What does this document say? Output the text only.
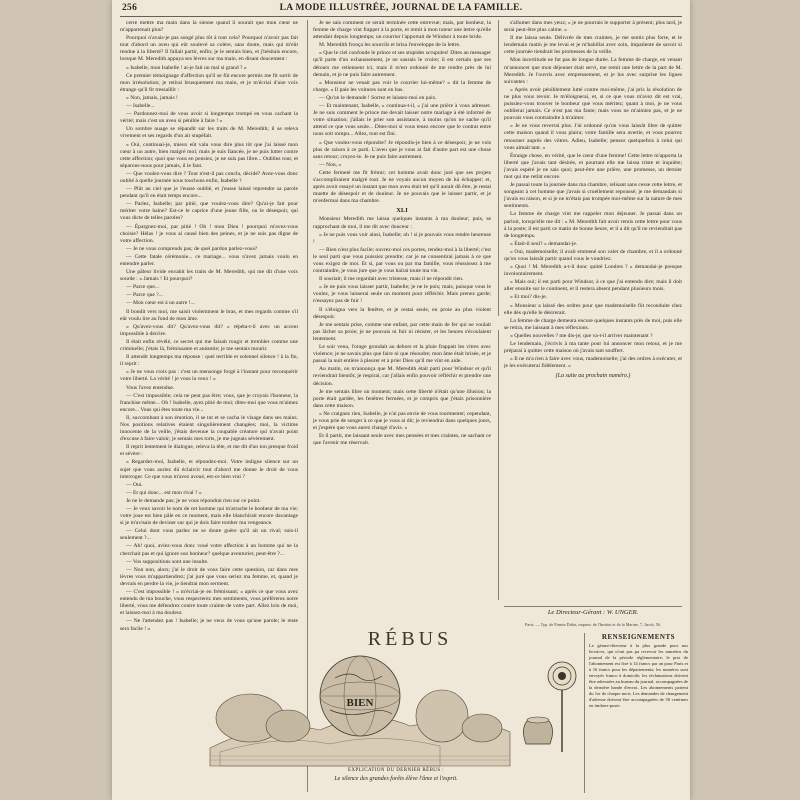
256	LA MODE ILLUSTRÉE, JOURNAL DE LA FAMILLE.

cerre mettre ma main dans la sienne quand il sourait que mon cœur ne m'appartenait plus?

Pourquoi n'avais-je pas songé plus tôt à tout cela? Pourquoi n'avoir pas fait tout d'abord un aveu qui eût soulevé sa colère, sans doute, mais qui m'eût rendue à la liberté? Il fallait partir, enfin; je le sentais bien, et j'hésitais encore, lorsque M. Meredith appuya ses lèvres sur ma main, en disant doucement :

« Isabelle, mon Isabelle ! ai-je fait un mal si grand ? »

Ce premier témoignage d'affection qu'il se fût encore permis me fit sortir de mon irrésolution; je retirai brusquement ma main, et je m'écriai d'une voix étrange qu'il fit tressaillir :

« Non, jamais, jamais !

— Isabelle...

— Pardonnez-moi de vous avoir si longtemps trompé en vous cachant la vérité; mais c'est un aveu si pénible à faire ! »

Un sombre nuage se répandit sur les traits de M. Meredith; il se releva vivement et ses regards d'un air stupéfait.

« Oui, continuai-je, mieux eût valu vous dire plus tôt que j'ai laissé mon cœur à un autre, bien malgré moi; mais je suis fiancée, je ne puis lutter contre cette affection; quoi que vous en pensiez, je ne suis pas libre... Oubliez tout, et séparons-nous pour jamais, il le faut.

— Que voulez-vous dire ? Tout n'est-il pas conclu, décidé? Avez-vous donc oublié à quelle journée nous touchons enfin, Isabelle ?

— Plût au ciel que je l'eusse oublié, et j'eusse laissé reprendre sa parole pendant qu'il en était temps encore...

— Parlez, Isabelle; par pitié, que voulez-vous dire? Qu'ai-je fait pour mériter votre haine? Est-ce le caprice d'une jeune fille, ou le désespoir, qui vous dicte de telles paroles?

— Épargnez-moi, par pitié ! Oh ! mon Dieu ! pourquoi m'avez-vous choisie? Hélas ! je vous ai causé bien des peines, et je ne suis pas digne de votre affection.

— Je ne vous comprends pas; de quel pardon parlez-vous?

— Cette fatale cérémonie... ce mariage... vous n'avez jamais voulu en entendre parler.

Une pâleur livide envahit les traits de M. Meredith, qui me dit d'une voix sourde : « Jamais ! Et pourquoi?

— Parce que...

— Parce que ?...

— Mon cœur est à un autre !...

Il bondit vers moi, me saisit violemment le bras, et mes regards comme s'il eût voulu lire au fond de mon âme.

« Qu'avez-vous dit? Qu'avez-vous dit? » répéta-t-il avec un accent impossible à décrire.

Il était enfin révélé, ce secret qui me faisait rougir et trembler comme une criminelle; j'étais là, frémissante et anéantie; je me sentais mourir.

Il attendit longtemps ma réponse : quel terrible et solennel silence ! à la fin, il reprit :

« Je ne vous crois pas : c'est un mensonge forgé à l'instant pour reconquérir votre liberté. La vérité ! je vous la veux ! »

Vous l'avez entendue.

— C'est impossible; cela ne peut pas être; vous, que je croyais l'honneur, la franchise même... Oh ! Isabelle, ayez pitié de moi; dites-moi que vous m'aimez encore... Vous qui êtes toute ma vie...

Il, succombant à son émotion, il se tut et se cacha le visage dans ses mains. Nos positions relatives étaient singulièrement changées; moi, la victime innocente de la veille, j'étais devenue la coupable créature qui n'avait point d'excuse à faire valoir; je sentais mes torts, je me jugeais sévèrement.

Il reprit lentement le dialogue, releva la tête, et me dit d'un ton presque froid et sévère :

« Regardez-moi, Isabelle, et répondez-moi. Votre indigne silence sur un sujet que vous auriez dû éclaircir tout d'abord me donne le droit de vous interroger. Ce que vous m'avez avoué, est-ce bien vrai ?

— Oui.

— Et qui donc... est mon rival ? »

Je ne le demande pas; je ne vous répondrai rien sur ce point.

— Je veux savoir le nom de cet homme qui m'arrache le bonheur de ma vie; votre joue est bien pâle en ce moment, mais elle blanchirait encore davantage si je m'avisais de deviner sur qui je dois faire tomber ma vengeance.

— Celui dont vous parlez ne se doute guère qu'il ait un rival; suis-il seulement ?...

— Ah! quoi, aviez-vous donc voué votre affection à un homme qui ne la cherchait pas et qui ignore son bonheur? quelque aventurier, peut-être ?...

— Vos suppositions sont une insulte.

— Non non, alors; j'ai le droit de vous faire cette question, car dans mes lèvres vous m'appartiendrez; j'ai juré que vous seriez ma femme, et, quand je devrais en perdre la vie, je tiendrai mon serment.

— C'est impossible ! » m'écriai-je en frémissant; « après ce que vous avez entendu de ma bouche, vous respecterez mes sentiments, vous préférerez notre liberté, vous me défendrez contre toute crainte de votre part. Allez loin de moi, et laissez-moi à ma douleur.

— Ne l'attendez pas ! Isabelle; je ne veux de vous qu'une parole; le reste sera facile ! »

Je ne sais comment ce serait terminée cette entrevue; mais, par bonheur, la femme de charge vint frapper à la porte, et remit à mon tuteur une lettre qu'elle attendait depuis longtemps; un courrier l'apportait de Windsor à toute bride.

M. Meredith fronça les sourcils et brisa l'enveloppe de la lettre.

« Que le ciel confonde le prince et ses stupides scrupules! Dites au messager qu'il parte d'un exhaussement, je ne saurais le croire; il est certain que ses détours me retiennent ici, mais il m'est ordonné de me rendre près de lui demain, et je ne puis faire autrement.

« Monsieur ne venait pas voir le courrier lui-même? » dit la femme de charge. « Il paie les voitures sont en bas.

— Qu'on le demande ! Sortez et laissez-moi en paix.

— Et maintenant, Isabelle, » continua-t-il, « j'ai une prière à vous adresser. Je ne suis comment le prince me devait laisser notre mariage à été informé de votre situation; j'allais le prier son assistance, à moins qu'on ne sache qu'il attend ce que vous seule... Dites-moi si vous tenez encore que le contrat entre nous soit rompu... Allez, tout est fini.

« Que voulez-vous répondre? Je répondis-je bien à ce désespoir, je ne vois plus de raison à ce parti. L'aveu que je vous ai fait d'autre part est une chose sans retour; croyez-le. Je ne puis faire autrement.

— Non, »

Cette fermeté me fit frémir; cet homme avait donc juré que ses projets s'accompliraient malgré tout. Je ne voyais aucun moyen de lui échapper; et, après avoir essayé un instant que mon aveu était tel qu'il aurait dû être, je restai muette de désespoir et de douleur. Je ne pouvais que le laisser partir, et je m'enfermai dans ma chambre.

XLI

Monsieur Meredith me laissa quelques instants à ma douleur; puis, se rapprochant de moi, il me dit avec douceur :

« Je ne puis vous voir ainsi, Isabelle; oh ! si je pouvais vous rendre heureuse !

— Rien n'est plus facile; ouvrez-moi ces portes, rendez-moi à la liberté; c'est le seul parti que vous puissiez prendre; car je ne consentirai jamais à ce que vous exigez de moi. Et si, par vous ou par ma famille, vous réussissez à me contraindre, je vous jure que je vous haïrai toute ma vie.

Il souriait; il me regardait avec tristesse, mais il ne répondit rien.

« Je ne puis vous laisser partir, Isabelle; je ne le puis; mais, puisque vous le voulez, je vous laisserai seule un moment pour réfléchir. Mais prenez garde; n'essayez pas de fuir !

Il s'éloigna vers la fenêtre, et je restai seule, en proie au plus violent désespoir.

Je me sentais prise, comme une enfant, par cette main de fer qui ne voulait pas lâcher sa proie; je ne pouvais ni fuir ni résister, et les heures s'écoulaient lentement.

Le soir venu, l'orage grondait au dehors et la pluie frappait les vitres avec violence; je ne savais plus que faire ni que résoudre; mon âme était brisée, et je passai la nuit entière à pleurer et à prier Dieu qu'il me vînt en aide.

Au matin, on m'annonça que M. Meredith était parti pour Windsor et qu'il reviendrait bientôt; je respirai, car j'allais enfin pouvoir réfléchir et prendre une décision.

Je me sentais libre un moment; mais cette liberté n'était qu'une illusion; la porte était gardée, les fenêtres fermées, et je compris que j'étais prisonnière dans cette maison.

« Ne craignez rien, Isabelle, je n'ai pas envie de vous tourmenter; cependant, je vous prie de songer à ce que je vous ai dit; je reviendrai dans quelques jours, et j'espère que vous aurez changé d'avis. »

Et il partit, me laissant seule avec mes pensées et mes craintes, ne sachant ce que l'avenir me réservait.

s'allumer dans mes yeux; « je ne pourrais le supporter à présent; plus tard, je serai peut-être plus calme. »

Il me laissa seule. Délivrée de mes craintes, je me sentis plus forte, et le lendemain matin je me levai et je m'habillai avec soin, impatiente de savoir si cette journée tiendrait les promesses de la veille.

Mon incertitude ne fut pas de longue durée. La femme de charge, en venant m'annoncer que mon déjeuner était servi, me remit une lettre de la part de M. Meredith. Je l'ouvris avec empressement, et je lus avec surprise les lignes suivantes :

« Après avoir péniblement lutté contre moi-même, j'ai pris la résolution de ne plus vous revoir. Je m'éloignerai, et, si ce que vous m'avez dit est vrai, puissiez-vous trouver le bonheur que vous méritez; quant à moi, je ne vous oublierai jamais. Ce n'est pas ma faute; mais vous ne m'aimiez pas, et je ne pouvais vous contraindre à m'aimer.

« Je ne vous reverrai plus. J'ai ordonné qu'on vous laissât libre de quitter cette maison quand il vous plaira; votre famille sera avertie, et vous pourrez retourner auprès des vôtres. Adieu, Isabelle; pensez quelquefois à celui qui vous aimait tant. »

Étrange chose, en vérité, que le cœur d'une femme! Cette lettre m'apporta la liberté que j'avais tant désirée, et pourtant elle me laissa triste et inquiète; j'avais espéré je ne sais quoi; peut-être une prière, une promesse, un dernier mot qui me retînt encore.

Je passai toute la journée dans ma chambre, relisant sans cesse cette lettre, et songeant à cet homme que j'avais si cruellement repoussé; je me demandais si j'avais eu raison, et si je ne m'étais pas trompée moi-même sur la nature de mes sentiments.

La femme de charge vint me rappeler mon déjeuner. Je passai dans un parloir, lorsqu'elle me dit : « M. Meredith fait avoir remis cette lettre pour vous à la poste; il est parti ce matin de bonne heure, et il a dit qu'il ne reviendrait pas de longtemps.

« Était-il seul? » demandai-je.

« Oui, mademoiselle; il avait emmené son valet de chambre, et il a ordonné qu'on vous laissât partir quand vous le voudriez.

« Quoi ! M. Meredith a-t-il donc quitté Londres ? » demandai-je presque involontairement.

« Mais oui; il est parti pour Windsor, à ce que j'ai entendu dire; mais il doit aller ensuite sur le continent, et il restera absent pendant plusieurs mois.

« Et moi? dis-je.

« Monsieur a laissé des ordres pour que mademoiselle fût reconduite chez elle dès qu'elle le désirerait.

La femme de charge demeura encore quelques instants près de moi, puis elle se retira, me laissant à mes réflexions.

« Quelles nouvelles ? me dis-je; que va-t-il arriver maintenant ?

Le lendemain, j'écrivis à ma tante pour lui annoncer mon retour, et je me préparai à quitter cette maison où j'avais tant souffert.

« Il ne m'a rien à faire avec vous, mademoiselle; j'ai des ordres à exécuter, et je les exécuterai fidèlement. »

(La suite au prochain numéro.)
Le Directeur-Gérant : W. UNGER.
Paris. — Typ. de Firmin Didot, imprim. de l'Institut et de la Marine, 7, Jacob, 56.
RÉBUS
BIEN
EXPLICATION DU DERNIER RÉBUS :
Le silence des grandes forêts élève l'âme et l'esprit.
RENSEIGNEMENTS
Le gérant-directeur à la plus grande pour nos lectrices, qui n'ont pas pu recevoir les numéros du journal de la période réglementaire; le prix de l'abonnement est fixé à 14 francs par an pour Paris et à 16 francs pour les départements; les numéros sont envoyés franco à domicile; les réclamations doivent être adressées au bureau du journal, accompagnées de la dernière bande d'envoi. Les abonnements partent du 1er de chaque mois. Les demandes de changement d'adresse doivent être accompagnées de 50 centimes en timbres-poste.
